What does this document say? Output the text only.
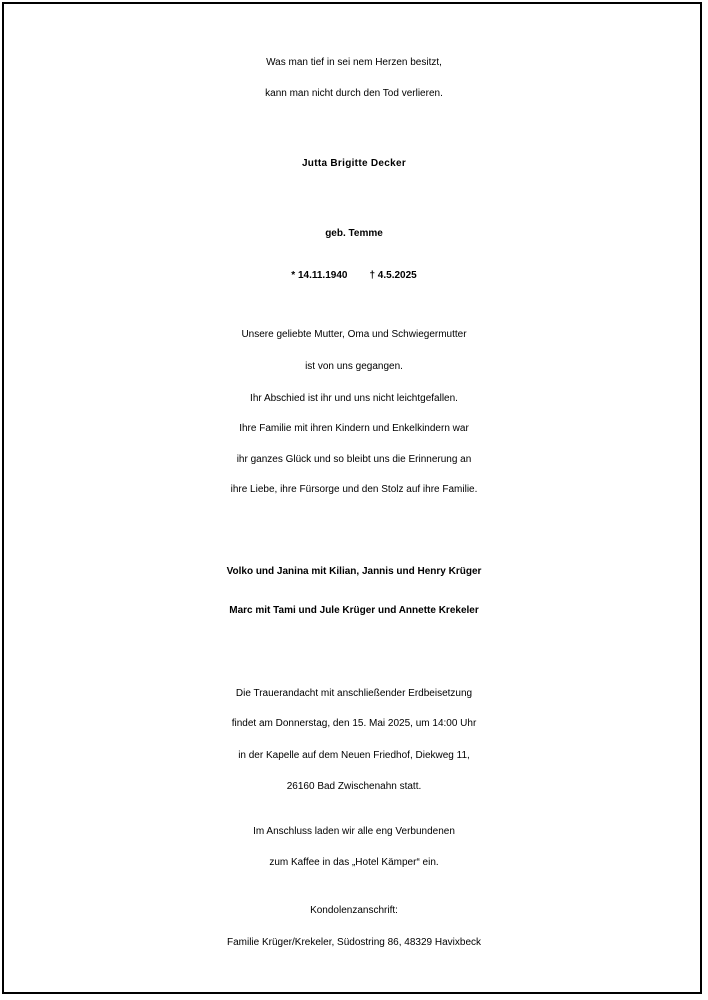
Was man tief in sei nem Herzen besitzt,
kann man nicht durch den Tod verlieren.
Jutta Brigitte Decker
geb. Temme
* 14.11.1940 † 4.5.2025
Unsere geliebte Mutter, Oma und Schwiegermutter
ist von uns gegangen.
Ihr Abschied ist ihr und uns nicht leichtgefallen.
Ihre Familie mit ihren Kindern und Enkelkindern war
ihr ganzes Glück und so bleibt uns die Erinnerung an
ihre Liebe, ihre Fürsorge und den Stolz auf ihre Familie.
Volko und Janina mit Kilian, Jannis und Henry Krüger
Marc mit Tami und Jule Krüger und Annette Krekeler
Die Trauerandacht mit anschließender Erdbeisetzung
findet am Donnerstag, den 15. Mai 2025, um 14:00 Uhr
in der Kapelle auf dem Neuen Friedhof, Diekweg 11,
26160 Bad Zwischenahn statt.
Im Anschluss laden wir alle eng Verbundenen
zum Kaffee in das „Hotel Kämper“ ein.
Kondolenzanschrift:
Familie Krüger/Krekeler, Südostring 86, 48329 Havixbeck
